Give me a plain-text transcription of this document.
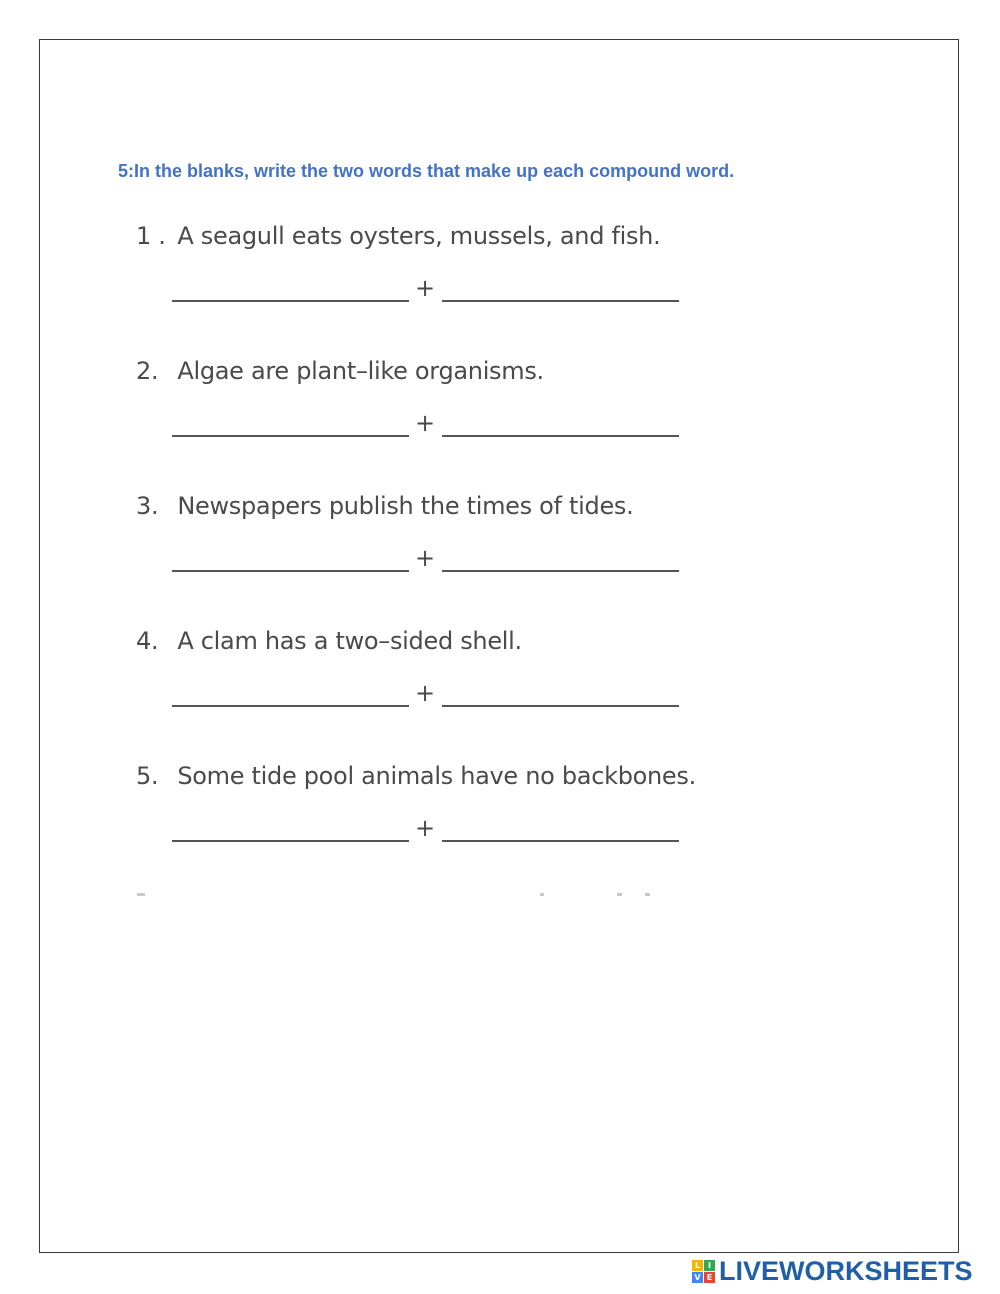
5:In the blanks, write the two words that make up each compound word.
1 . A seagull eats oysters, mussels, and fish.
+
2. Algae are plant–like organisms.
+
3. Newspapers publish the times of tides.
+
4. A clam has a two–sided shell.
+
5. Some tide pool animals have no backbones.
+
L I
V E LIVEWORKSHEETS
